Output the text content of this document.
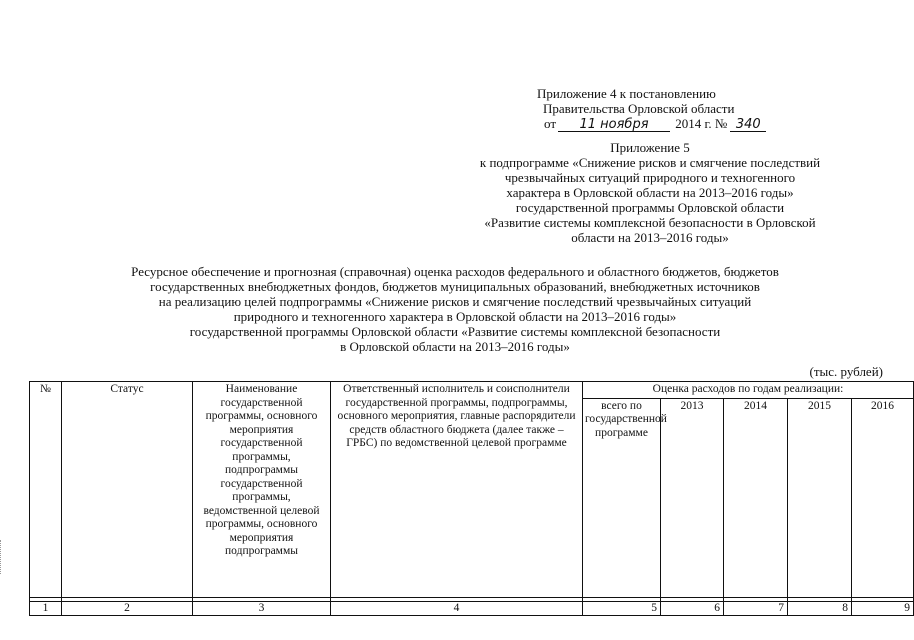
Приложение 4 к постановлению
Правительства Орловской области
от 11 ноября 2014 г. № 340
Приложение 5
к подпрограмме «Снижение рисков и смягчение последствий
чрезвычайных ситуаций природного и техногенного
характера в Орловской области на 2013–2016 годы»
государственной программы Орловской области
«Развитие системы комплексной безопасности в Орловской
области на 2013–2016 годы»
Ресурсное обеспечение и прогнозная (справочная) оценка расходов федерального и областного бюджетов, бюджетов
государственных внебюджетных фондов, бюджетов муниципальных образований, внебюджетных источников
на реализацию целей подпрограммы «Снижение рисков и смягчение последствий чрезвычайных ситуаций
природного и техногенного характера в Орловской области на 2013–2016 годы»
государственной программы Орловской области «Развитие системы комплексной безопасности
в Орловской области на 2013–2016 годы»
(тыс. рублей)
№	Статус	Наименование государственной программы, основного мероприятия государственной программы, подпрограммы государственной программы, ведомственной целевой программы, основного мероприятия подпрограммы	Ответственный исполнитель и соисполнители государственной программы, подпрограммы, основного мероприятия, главные распорядители средств областного бюджета (далее также – ГРБС) по ведомственной целевой программе	Оценка расходов по годам реализации:				
				всего по государственной программе	2013	2014	2015	2016

1	2	3	4	5	6	7	8	9
